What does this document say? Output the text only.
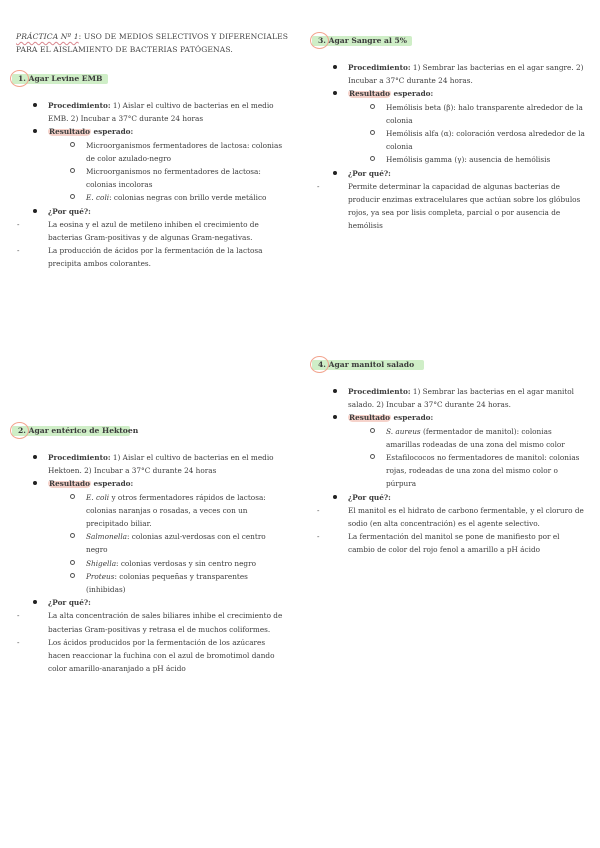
PRÁCTICA Nº 1: USO DE MEDIOS SELECTIVOS Y DIFERENCIALES PARA EL AISLAMIENTO DE BACTERIAS PATÓGENAS.
1. Agar Levine EMB
Procedimiento: 1) Aislar el cultivo de bacterias en el medio EMB. 2) Incubar a 37°C durante 24 horas
Resultado esperado:
Microorganismos fermentadores de lactosa: colonias de color azulado-negro
Microorganismos no fermentadores de lactosa: colonias incoloras
E. coli: colonias negras con brillo verde metálico
¿Por qué?:
- La eosina y el azul de metileno inhiben el crecimiento de bacterias Gram-positivas y de algunas Gram-negativas.
- La producción de ácidos por la fermentación de la lactosa precipita ambos colorantes.
2. Agar entérico de Hektoen
Procedimiento: 1) Aislar el cultivo de bacterias en el medio Hektoen. 2) Incubar a 37°C durante 24 horas
Resultado esperado:
E. coli y otros fermentadores rápidos de lactosa: colonias naranjas o rosadas, a veces con un precipitado biliar.
Salmonella: colonias azul-verdosas con el centro negro
Shigella: colonias verdosas y sin centro negro
Proteus: colonias pequeñas y transparentes (inhibidas)
¿Por qué?:
- La alta concentración de sales biliares inhibe el crecimiento de bacterias Gram-positivas y retrasa el de muchos coliformes.
- Los ácidos producidos por la fermentación de los azúcares hacen reaccionar la fuchina con el azul de bromotimol dando color amarillo-anaranjado a pH ácido
3. Agar Sangre al 5%
Procedimiento: 1) Sembrar las bacterias en el agar sangre. 2) Incubar a 37°C durante 24 horas.
Resultado esperado:
Hemólisis beta (β): halo transparente alrededor de la colonia
Hemólisis alfa (α): coloración verdosa alrededor de la colonia
Hemólisis gamma (γ): ausencia de hemólisis
¿Por qué?:
- Permite determinar la capacidad de algunas bacterias de producir enzimas extracelulares que actúan sobre los glóbulos rojos, ya sea por lisis completa, parcial o por ausencia de hemólisis
4. Agar manitol salado
Procedimiento: 1) Sembrar las bacterias en el agar manitol salado. 2) Incubar a 37°C durante 24 horas.
Resultado esperado:
S. aureus (fermentador de manitol): colonias amarillas rodeadas de una zona del mismo color
Estafilococos no fermentadores de manitol: colonias rojas, rodeadas de una zona del mismo color o púrpura
¿Por qué?:
- El manitol es el hidrato de carbono fermentable, y el cloruro de sodio (en alta concentración) es el agente selectivo.
- La fermentación del manitol se pone de manifiesto por el cambio de color del rojo fenol a amarillo a pH ácido
